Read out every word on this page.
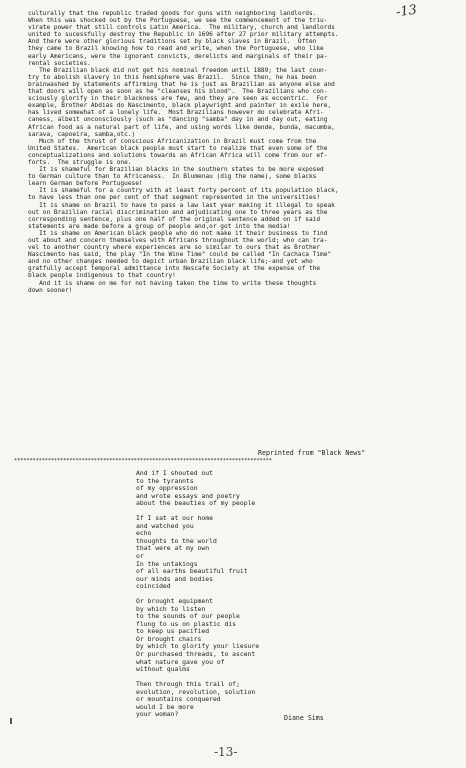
-13

culturally that the republic traded goods for guns with neighboring landlords.

When this was shocked out by the Portuguese, we see the commencement of the triu-

virate power that still controls Latin America.  The military, church and landlords

united to sucessfully destroy the Republic in 1696 after 27 prior military attempts.

And there were other glorious traditions set by black slaves in Brazil.  Often

they came to Brazil knowing how to read and write, when the Portuguese, who like

early Americans, were the ignorant convicts, derelicts and marginals of their pa-

rental societies.

The Brazilian black did not get his nominal freedom until 1889; the last coun-

try to abolish slavery in this hemisphere was Brazil.  Since then, he has been

brainwashed by statements affirming that he is just as Brazilian as anyone else and

that doors will open as soon as he "cleanses his blood".  The Brazilians who con-

sciously glorify in their blackness are few, and they are seen as eccentric.  For

example, Brother Abdias do Nascimento, black playwright and painter in exile here,

has lived somewhat of a lonely life.  Most Brazilians however do celebrate Afri-

caness, albeit unconsciously (such as "dancing "samba" day in and day out, eating

African food as a natural part of life, and using words like dende, bunda, macumba,

sarava, capoeira, samba,otc.)

Much of the thrust of conscious Africanization in Brazil must come from the

United States.  American black people must start to realize that even some of the

conceptualizations and solutions towards an African Africa will come from our ef-

forts.  The struggle is one.

It is shameful for Brazilian blacks in the southern states to be more exposed

to German culture than to Africaness.  In Blumenau (dig the name), some blacks

learn German before Portuguese!

It is shameful for a country with at least forty percent of its population black,

to have less than one per cent of that segment represented in the universities!

It is shame on Brazil to have to pass a law last year making it illegal to speak

out on Brazilian racial discrimination and adjudicating one to three years as the

corresponding sentence, plus one half of the original sentence added on if said

statements are made before a group of people and,or got into the media!

It is shame on American black people who do not make it their business to find

out about and concern themselves with Africans throughout the world; who can tra-

vel to another country where experiences are so similar to ours that as Brother

Nascimento has said, the play "In the Wine Time" could be called "In Cachaca Time"

and no other changes needed to depict urban Brazilian black life;-and yet who

gratfully accept temporal admittance into Nescafe Society at the expense of the

black people indigenous to that country!

And it is shame on me for not having taken the time to write these thoughts

down sooner!

Reprinted from "Black News"
************************************************************************************

And if I shouted out

to the tyrannts

of my oppression

and wrote essays and poetry

about the beauties of my people

If I sat at our home

and watched you

echo

thoughts to the world

that were at my own

or

In the untakings

of all earths beautiful fruit

our minds and bodies

coincided

Or brought equipment

by which to listen

to the sounds of our people

flung to us on plastic dis

to keep us pacified

Or brought chairs

by which to glorify your liesure

Or purchased threads, to ascent

what nature gave you of

without qualms

Then through this trail of;

evolution, revolution, solution

or mountains conquered

would I be more

your woman?	Diane Sims
-13-
